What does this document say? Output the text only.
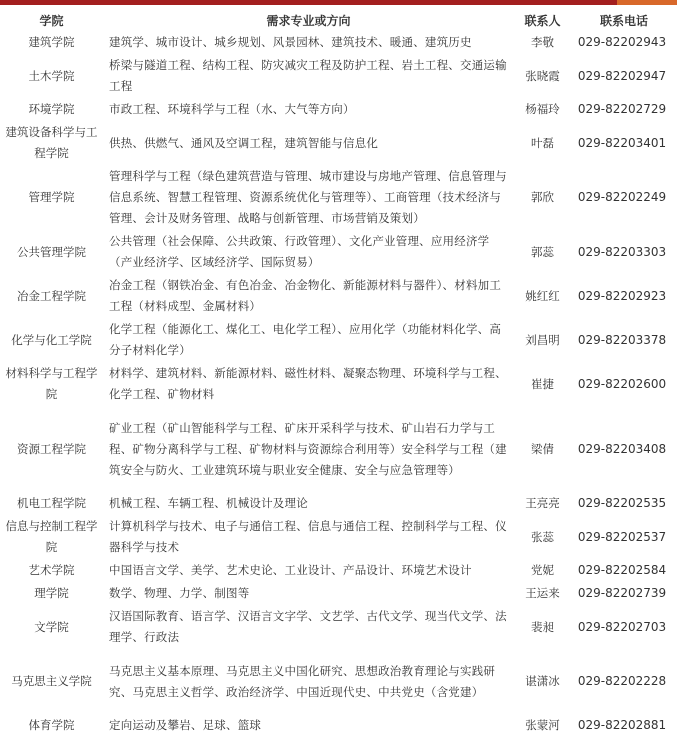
学院	需求专业或方向	联系人	联系电话
建筑学院	建筑学、城市设计、城乡规划、风景园林、建筑技术、暖通、建筑历史	李敬	029-82202943
土木学院	桥梁与隧道工程、结构工程、防灾减灾工程及防护工程、岩土工程、交通运输工程	张晓霞	029-82202947
环境学院	市政工程、环境科学与工程（水、大气等方向）	杨福玲	029-82202729
建筑设备科学与工程学院	供热、供燃气、通风及空调工程，建筑智能与信息化	叶磊	029-82203401
管理学院	管理科学与工程（绿色建筑营造与管理、城市建设与房地产管理、信息管理与信息系统、智慧工程管理、资源系统优化与管理等）、工商管理（技术经济与管理、会计及财务管理、战略与创新管理、市场营销及策划）	郭欣	029-82202249
公共管理学院	公共管理（社会保障、公共政策、行政管理）、文化产业管理、应用经济学（产业经济学、区域经济学、国际贸易）	郭蕊	029-82203303
冶金工程学院	冶金工程（钢铁冶金、有色冶金、冶金物化、新能源材料与器件）、材料加工工程（材料成型、金属材料）	姚红红	029-82202923
化学与化工学院	化学工程（能源化工、煤化工、电化学工程）、应用化学（功能材料化学、高分子材料化学）	刘昌明	029-82203378
材料科学与工程学院	材料学、建筑材料、新能源材料、磁性材料、凝聚态物理、环境科学与工程、化学工程、矿物材料	崔捷	029-82202600
资源工程学院	矿业工程（矿山智能科学与工程、矿床开采科学与技术、矿山岩石力学与工程、矿物分离科学与工程、矿物材料与资源综合利用等）安全科学与工程（建筑安全与防火、工业建筑环境与职业安全健康、安全与应急管理等）	梁倩	029-82203408
机电工程学院	机械工程、车辆工程、机械设计及理论	王亮亮	029-82202535
信息与控制工程学院	计算机科学与技术、电子与通信工程、信息与通信工程、控制科学与工程、仪器科学与技术	张蕊	029-82202537
艺术学院	中国语言文学、美学、艺术史论、工业设计、产品设计、环境艺术设计	党妮	029-82202584
理学院	数学、物理、力学、制图等	王运来	029-82202739
文学院	汉语国际教育、语言学、汉语言文字学、文艺学、古代文学、现当代文学、法理学、行政法	裴昶	029-82202703
马克思主义学院	马克思主义基本原理、马克思主义中国化研究、思想政治教育理论与实践研究、马克思主义哲学、政治经济学、中国近现代史、中共党史（含党建）	谌潇冰	029-82202228
体育学院	定向运动及攀岩、足球、篮球	张蒙河	029-82202881
